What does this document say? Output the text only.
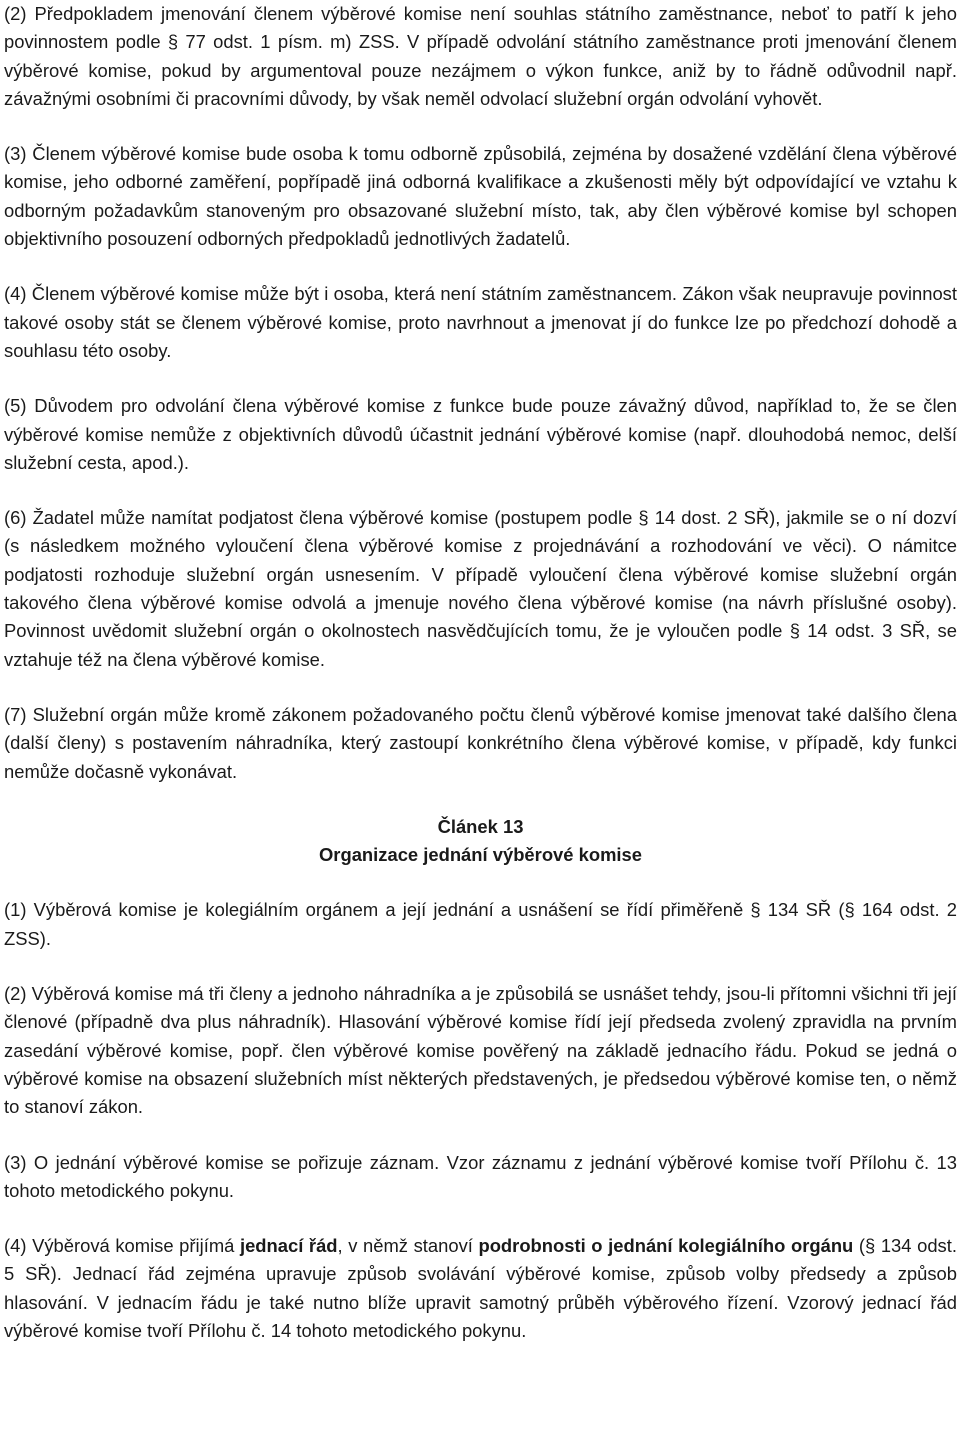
(2) Předpokladem jmenování členem výběrové komise není souhlas státního zaměstnance, neboť to patří k jeho povinnostem podle § 77 odst. 1 písm. m) ZSS. V případě odvolání státního zaměstnance proti jmenování členem výběrové komise, pokud by argumentoval pouze nezájmem o výkon funkce, aniž by to řádně odůvodnil např. závažnými osobními či pracovními důvody, by však neměl odvolací služební orgán odvolání vyhovět.

(3) Členem výběrové komise bude osoba k tomu odborně způsobilá, zejména by dosažené vzdělání člena výběrové komise, jeho odborné zaměření, popřípadě jiná odborná kvalifikace a zkušenosti měly být odpovídající ve vztahu k odborným požadavkům stanoveným pro obsazované služební místo, tak, aby člen výběrové komise byl schopen objektivního posouzení odborných předpokladů jednotlivých žadatelů.

(4) Členem výběrové komise může být i osoba, která není státním zaměstnancem. Zákon však neupravuje povinnost takové osoby stát se členem výběrové komise, proto navrhnout a jmenovat jí do funkce lze po předchozí dohodě a souhlasu této osoby.

(5) Důvodem pro odvolání člena výběrové komise z funkce bude pouze závažný důvod, například to, že se člen výběrové komise nemůže z objektivních důvodů účastnit jednání výběrové komise (např. dlouhodobá nemoc, delší služební cesta, apod.).

(6) Žadatel může namítat podjatost člena výběrové komise (postupem podle § 14 dost. 2 SŘ), jakmile se o ní dozví (s následkem možného vyloučení člena výběrové komise z projednávání a rozhodování ve věci). O námitce podjatosti rozhoduje služební orgán usnesením. V případě vyloučení člena výběrové komise služební orgán takového člena výběrové komise odvolá a jmenuje nového člena výběrové komise (na návrh příslušné osoby). Povinnost uvědomit služební orgán o okolnostech nasvědčujících tomu, že je vyloučen podle § 14 odst. 3 SŘ, se vztahuje též na člena výběrové komise.

(7) Služební orgán může kromě zákonem požadovaného počtu členů výběrové komise jmenovat také dalšího člena (další členy) s postavením náhradníka, který zastoupí konkrétního člena výběrové komise, v případě, kdy funkci nemůže dočasně vykonávat.

Článek 13

Organizace jednání výběrové komise

(1) Výběrová komise je kolegiálním orgánem a její jednání a usnášení se řídí přiměřeně § 134 SŘ (§ 164 odst. 2 ZSS).

(2) Výběrová komise má tři členy a jednoho náhradníka a je způsobilá se usnášet tehdy, jsou-li přítomni všichni tři její členové (případně dva plus náhradník). Hlasování výběrové komise řídí její předseda zvolený zpravidla na prvním zasedání výběrové komise, popř. člen výběrové komise pověřený na základě jednacího řádu. Pokud se jedná o výběrové komise na obsazení služebních míst některých představených, je předsedou výběrové komise ten, o němž to stanoví zákon.

(3) O jednání výběrové komise se pořizuje záznam. Vzor záznamu z jednání výběrové komise tvoří Přílohu č. 13 tohoto metodického pokynu.

(4) Výběrová komise přijímá jednací řád, v němž stanoví podrobnosti o jednání kolegiálního orgánu (§ 134 odst. 5 SŘ). Jednací řád zejména upravuje způsob svolávání výběrové komise, způsob volby předsedy a způsob hlasování. V jednacím řádu je také nutno blíže upravit samotný průběh výběrového řízení. Vzorový jednací řád výběrové komise tvoří Přílohu č. 14 tohoto metodického pokynu.
